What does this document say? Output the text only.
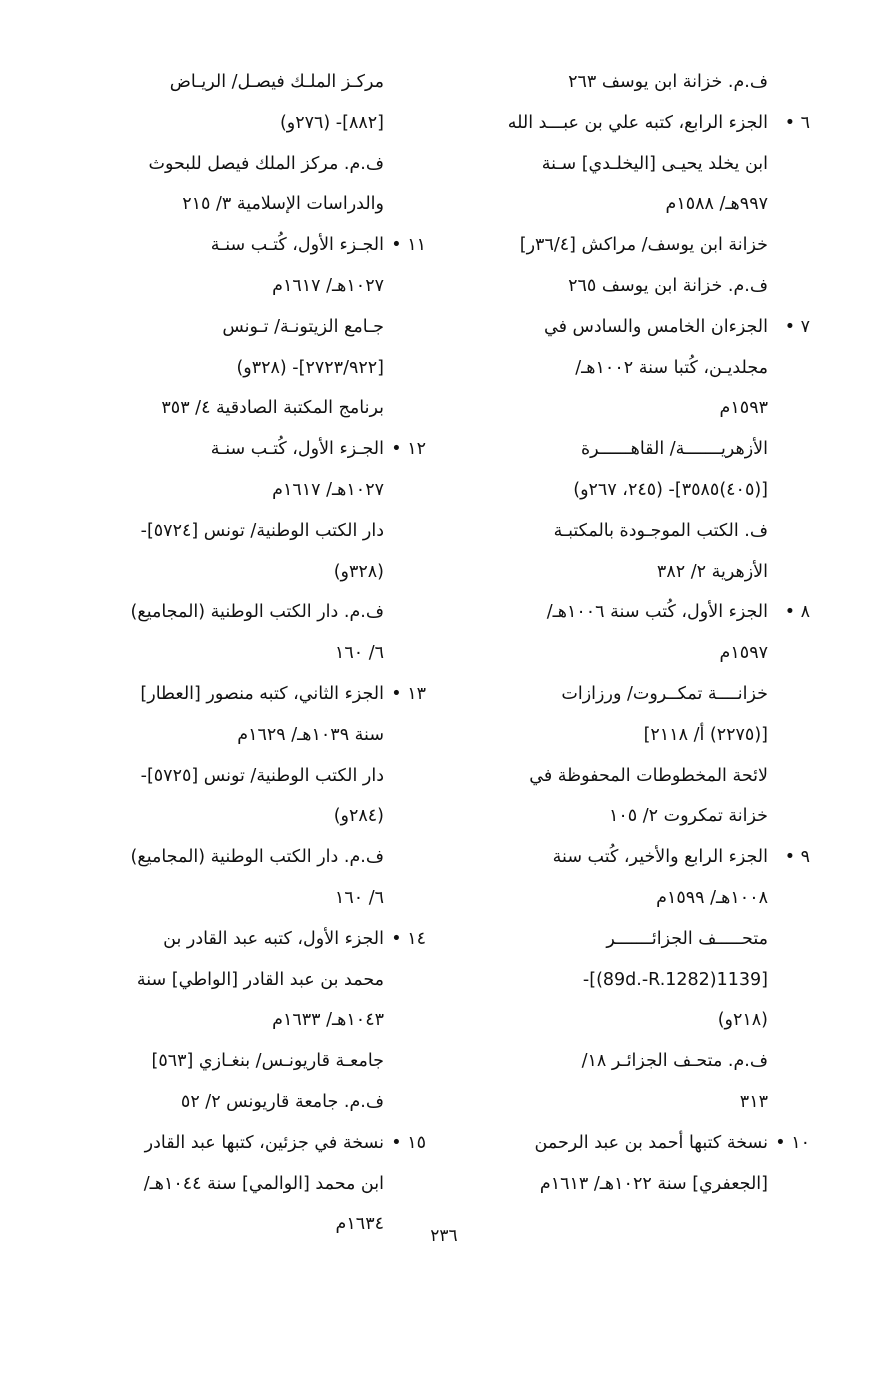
ف.م. خزانة ابن يوسف ٢٦٣
٦ •الجزء الرابع، كتبه علي بن عبـــد الله
ابن يخلد يحيـى [اليخلـدي] سـنة
٩٩٧هـ/ ١٥٨٨م
خزانة ابن يوسف/ مراكش [٣٦/٤ر]
ف.م. خزانة ابن يوسف ٢٦٥
٧ •الجزءان الخامس والسادس في
مجلديـن، كُتبا سنة ١٠٠٢هـ/
١٥٩٣م
الأزهريـــــــة/ القاهــــــرة
[(٤٠٥)٣٥٨٥]- (٢٤٥، ٢٦٧و)
ف. الكتب الموجـودة بالمكتبـة
الأزهرية ٢/ ٣٨٢
٨ •الجزء الأول، كُتب سنة ١٠٠٦هـ/
١٥٩٧م
خزانــــة تمكــروت/ ورزازات
[(٢٢٧٥) أ/ ٢١١٨]
لائحة المخطوطات المحفوظة في
خزانة تمكروت ٢/ ١٠٥
٩ •الجزء الرابع والأخير، كُتب سنة
١٠٠٨هـ/ ١٥٩٩م
متحـــــف الجزائـــــــر
[1139(89d.-R.1282)]-
(٢١٨و)
ف.م. متحـف الجزائـر ١٨/
٣١٣
١٠ •نسخة كتبها أحمد بن عبد الرحمن
[الجعفري] سنة ١٠٢٢هـ/ ١٦١٣م
مركـز الملـك فيصـل/ الريـاض
[٨٨٢]- (٢٧٦و)
ف.م. مركز الملك فيصل للبحوث
والدراسات الإسلامية ٣/ ٢١٥
١١ •الجـزء الأول، كُتـب سنـة
١٠٢٧هـ/ ١٦١٧م
جـامع الزيتونـة/ تـونس
[٢٧٢٣/٩٢٢]- (٣٢٨و)
برنامج المكتبة الصادقية ٤/ ٣٥٣
١٢ •الجـزء الأول، كُتـب سنـة
١٠٢٧هـ/ ١٦١٧م
دار الكتب الوطنية/ تونس [٥٧٢٤]-
(٣٢٨و)
ف.م. دار الكتب الوطنية (المجاميع)
٦/ ١٦٠
١٣ •الجزء الثاني، كتبه منصور [العطار]
سنة ١٠٣٩هـ/ ١٦٢٩م
دار الكتب الوطنية/ تونس [٥٧٢٥]-
(٢٨٤و)
ف.م. دار الكتب الوطنية (المجاميع)
٦/ ١٦٠
١٤ •الجزء الأول، كتبه عبد القادر بن
محمد بن عبد القادر [الواطي] سنة
١٠٤٣هـ/ ١٦٣٣م
جامعـة قاريونـس/ بنغـازي [٥٦٣]
ف.م. جامعة قاريونس ٢/ ٥٢
١٥ •نسخة في جزئين، كتبها عبد القادر
ابن محمد [الوالمي] سنة ١٠٤٤هـ/
١٦٣٤م
٢٣٦
